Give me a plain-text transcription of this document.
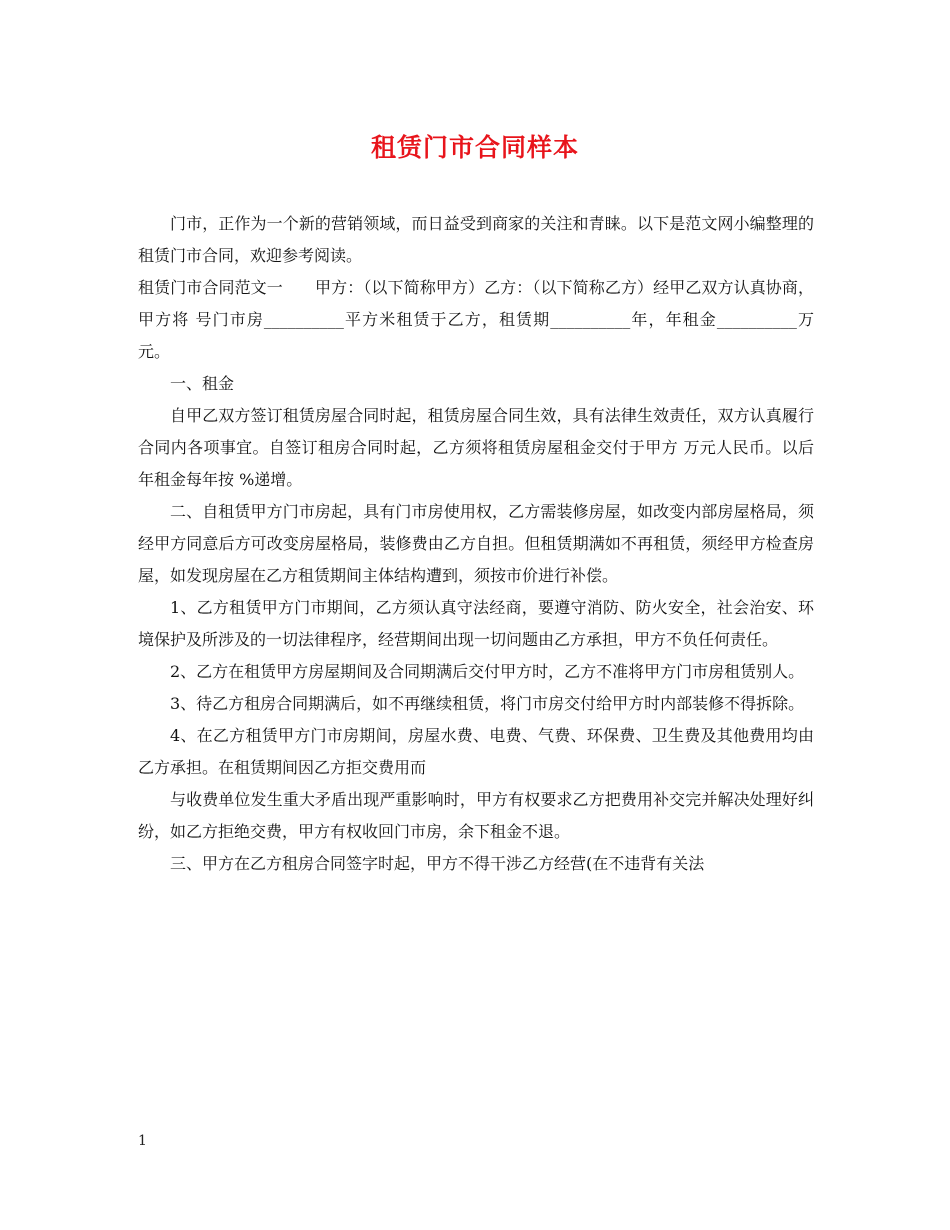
租赁门市合同样本

门市，正作为一个新的营销领域，而日益受到商家的关注和青睐。以下是范文网小编整理的租赁门市合同，欢迎参考阅读。

租赁门市合同范文一　　甲方：（以下简称甲方）乙方：（以下简称乙方）经甲乙双方认真协商，甲方将 号门市房__________平方米租赁于乙方，租赁期__________年，年租金__________万元。

一、租金

自甲乙双方签订租赁房屋合同时起，租赁房屋合同生效，具有法律生效责任，双方认真履行合同内各项事宜。自签订租房合同时起，乙方须将租赁房屋租金交付于甲方 万元人民币。以后年租金每年按 %递增。

二、自租赁甲方门市房起，具有门市房使用权，乙方需装修房屋，如改变内部房屋格局，须经甲方同意后方可改变房屋格局，装修费由乙方自担。但租赁期满如不再租赁，须经甲方检查房屋，如发现房屋在乙方租赁期间主体结构遭到，须按市价进行补偿。

1、乙方租赁甲方门市期间，乙方须认真守法经商，要遵守消防、防火安全，社会治安、环境保护及所涉及的一切法律程序，经营期间出现一切问题由乙方承担，甲方不负任何责任。

2、乙方在租赁甲方房屋期间及合同期满后交付甲方时，乙方不准将甲方门市房租赁别人。

3、待乙方租房合同期满后，如不再继续租赁，将门市房交付给甲方时内部装修不得拆除。

4、在乙方租赁甲方门市房期间，房屋水费、电费、气费、环保费、卫生费及其他费用均由乙方承担。在租赁期间因乙方拒交费用而

与收费单位发生重大矛盾出现严重影响时，甲方有权要求乙方把费用补交完并解决处理好纠纷，如乙方拒绝交费，甲方有权收回门市房，余下租金不退。

三、甲方在乙方租房合同签字时起，甲方不得干涉乙方经营(在不违背有关法

1
